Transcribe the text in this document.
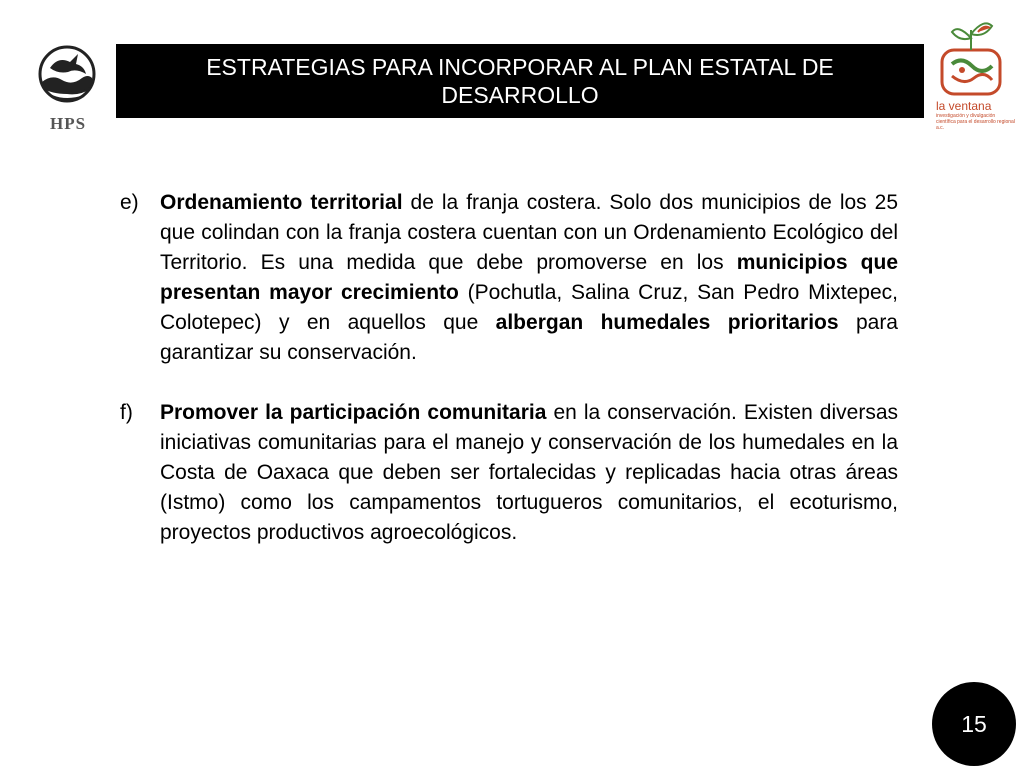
HPS
ESTRATEGIAS PARA INCORPORAR AL PLAN ESTATAL DE DESARROLLO	la ventana
investigación y divulgación científica para el desarrollo regional a.c.
e)	Ordenamiento territorial de la franja costera. Solo dos municipios de los 25 que colindan con la franja costera cuentan con un Ordenamiento Ecológico del Territorio. Es una medida que debe promoverse en los municipios que presentan mayor crecimiento (Pochutla, Salina Cruz, San Pedro Mixtepec, Colotepec) y en aquellos que albergan humedales prioritarios para garantizar su conservación.
f)	Promover la participación comunitaria en la conservación. Existen diversas iniciativas comunitarias para el manejo y conservación de los humedales en la Costa de Oaxaca que deben ser fortalecidas y replicadas hacia otras áreas (Istmo) como los campamentos tortugueros comunitarios, el ecoturismo, proyectos productivos agroecológicos.
15
